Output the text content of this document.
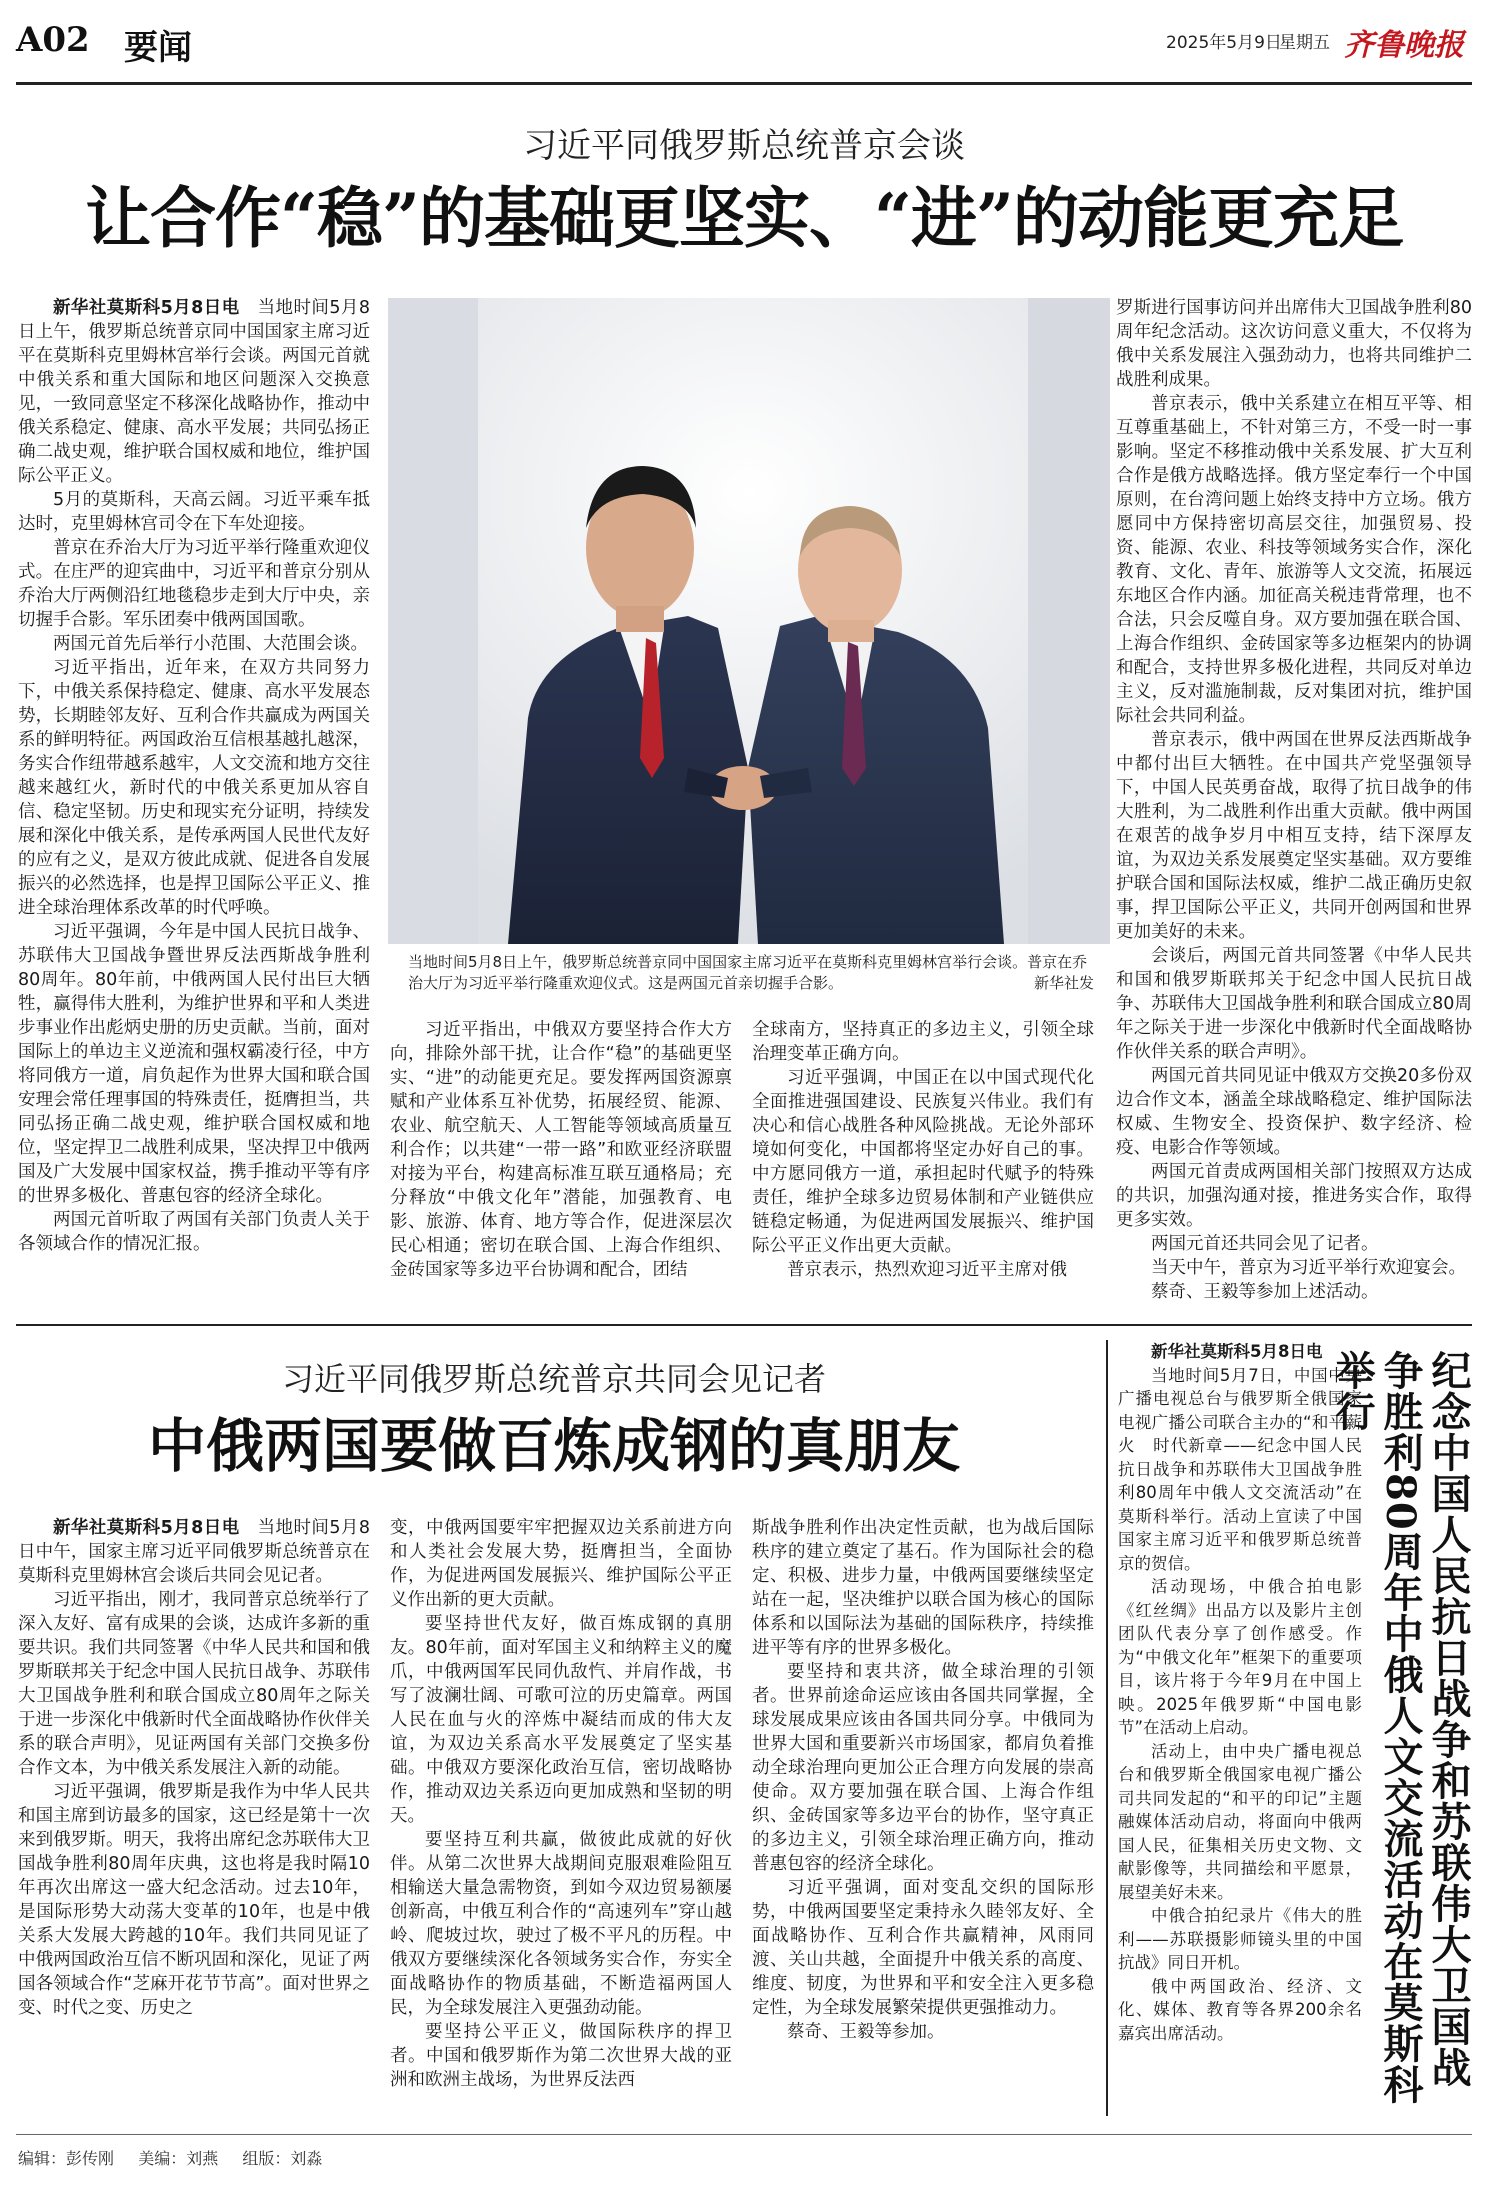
A02 要闻	2025年5月9日
星期五 齐鲁晚报
习近平同俄罗斯总统普京会谈
让合作“稳”的基础更坚实、“进”的动能更充足

新华社莫斯科5月8日电　当地时间5月8日上午，俄罗斯总统普京同中国国家主席习近平在莫斯科克里姆林宫举行会谈。两国元首就中俄关系和重大国际和地区问题深入交换意见，一致同意坚定不移深化战略协作，推动中俄关系稳定、健康、高水平发展；共同弘扬正确二战史观，维护联合国权威和地位，维护国际公平正义。

5月的莫斯科，天高云阔。习近平乘车抵达时，克里姆林宫司令在下车处迎接。

普京在乔治大厅为习近平举行隆重欢迎仪式。在庄严的迎宾曲中，习近平和普京分别从乔治大厅两侧沿红地毯稳步走到大厅中央，亲切握手合影。军乐团奏中俄两国国歌。

两国元首先后举行小范围、大范围会谈。

习近平指出，近年来，在双方共同努力下，中俄关系保持稳定、健康、高水平发展态势，长期睦邻友好、互利合作共赢成为两国关系的鲜明特征。两国政治互信根基越扎越深，务实合作纽带越系越牢，人文交流和地方交往越来越红火，新时代的中俄关系更加从容自信、稳定坚韧。历史和现实充分证明，持续发展和深化中俄关系，是传承两国人民世代友好的应有之义，是双方彼此成就、促进各自发展振兴的必然选择，也是捍卫国际公平正义、推进全球治理体系改革的时代呼唤。

习近平强调，今年是中国人民抗日战争、苏联伟大卫国战争暨世界反法西斯战争胜利80周年。80年前，中俄两国人民付出巨大牺牲，赢得伟大胜利，为维护世界和平和人类进步事业作出彪炳史册的历史贡献。当前，面对国际上的单边主义逆流和强权霸凌行径，中方将同俄方一道，肩负起作为世界大国和联合国安理会常任理事国的特殊责任，挺膺担当，共同弘扬正确二战史观，维护联合国权威和地位，坚定捍卫二战胜利成果，坚决捍卫中俄两国及广大发展中国家权益，携手推动平等有序的世界多极化、普惠包容的经济全球化。

两国元首听取了两国有关部门负责人关于各领域合作的情况汇报。

当地时间5月8日上午，俄罗斯总统普京同中国国家主席习近平在莫斯科克里姆林宫举行会谈。普京在乔治大厅为习近平举行隆重欢迎仪式。这是两国元首亲切握手合影。	新华社发

习近平指出，中俄双方要坚持合作大方向，排除外部干扰，让合作“稳”的基础更坚实、“进”的动能更充足。要发挥两国资源禀赋和产业体系互补优势，拓展经贸、能源、农业、航空航天、人工智能等领域高质量互利合作；以共建“一带一路”和欧亚经济联盟对接为平台，构建高标准互联互通格局；充分释放“中俄文化年”潜能，加强教育、电影、旅游、体育、地方等合作，促进深层次民心相通；密切在联合国、上海合作组织、金砖国家等多边平台协调和配合，团结

全球南方，坚持真正的多边主义，引领全球治理变革正确方向。

习近平强调，中国正在以中国式现代化全面推进强国建设、民族复兴伟业。我们有决心和信心战胜各种风险挑战。无论外部环境如何变化，中国都将坚定办好自己的事。中方愿同俄方一道，承担起时代赋予的特殊责任，维护全球多边贸易体制和产业链供应链稳定畅通，为促进两国发展振兴、维护国际公平正义作出更大贡献。

普京表示，热烈欢迎习近平主席对俄

罗斯进行国事访问并出席伟大卫国战争胜利80周年纪念活动。这次访问意义重大，不仅将为俄中关系发展注入强劲动力，也将共同维护二战胜利成果。

普京表示，俄中关系建立在相互平等、相互尊重基础上，不针对第三方，不受一时一事影响。坚定不移推动俄中关系发展、扩大互利合作是俄方战略选择。俄方坚定奉行一个中国原则，在台湾问题上始终支持中方立场。俄方愿同中方保持密切高层交往，加强贸易、投资、能源、农业、科技等领域务实合作，深化教育、文化、青年、旅游等人文交流，拓展远东地区合作内涵。加征高关税违背常理，也不合法，只会反噬自身。双方要加强在联合国、上海合作组织、金砖国家等多边框架内的协调和配合，支持世界多极化进程，共同反对单边主义，反对滥施制裁，反对集团对抗，维护国际社会共同利益。

普京表示，俄中两国在世界反法西斯战争中都付出巨大牺牲。在中国共产党坚强领导下，中国人民英勇奋战，取得了抗日战争的伟大胜利，为二战胜利作出重大贡献。俄中两国在艰苦的战争岁月中相互支持，结下深厚友谊，为双边关系发展奠定坚实基础。双方要维护联合国和国际法权威，维护二战正确历史叙事，捍卫国际公平正义，共同开创两国和世界更加美好的未来。

会谈后，两国元首共同签署《中华人民共和国和俄罗斯联邦关于纪念中国人民抗日战争、苏联伟大卫国战争胜利和联合国成立80周年之际关于进一步深化中俄新时代全面战略协作伙伴关系的联合声明》。

两国元首共同见证中俄双方交换20多份双边合作文本，涵盖全球战略稳定、维护国际法权威、生物安全、投资保护、数字经济、检疫、电影合作等领域。

两国元首责成两国相关部门按照双方达成的共识，加强沟通对接，推进务实合作，取得更多实效。

两国元首还共同会见了记者。

当天中午，普京为习近平举行欢迎宴会。

蔡奇、王毅等参加上述活动。

习近平同俄罗斯总统普京共同会见记者
中俄两国要做百炼成钢的真朋友

新华社莫斯科5月8日电　当地时间5月8日中午，国家主席习近平同俄罗斯总统普京在莫斯科克里姆林宫会谈后共同会见记者。

习近平指出，刚才，我同普京总统举行了深入友好、富有成果的会谈，达成许多新的重要共识。我们共同签署《中华人民共和国和俄罗斯联邦关于纪念中国人民抗日战争、苏联伟大卫国战争胜利和联合国成立80周年之际关于进一步深化中俄新时代全面战略协作伙伴关系的联合声明》，见证两国有关部门交换多份合作文本，为中俄关系发展注入新的动能。

习近平强调，俄罗斯是我作为中华人民共和国主席到访最多的国家，这已经是第十一次来到俄罗斯。明天，我将出席纪念苏联伟大卫国战争胜利80周年庆典，这也将是我时隔10年再次出席这一盛大纪念活动。过去10年，是国际形势大动荡大变革的10年，也是中俄关系大发展大跨越的10年。我们共同见证了中俄两国政治互信不断巩固和深化，见证了两国各领域合作“芝麻开花节节高”。面对世界之变、时代之变、历史之

变，中俄两国要牢牢把握双边关系前进方向和人类社会发展大势，挺膺担当，全面协作，为促进两国发展振兴、维护国际公平正义作出新的更大贡献。

要坚持世代友好，做百炼成钢的真朋友。80年前，面对军国主义和纳粹主义的魔爪，中俄两国军民同仇敌忾、并肩作战，书写了波澜壮阔、可歌可泣的历史篇章。两国人民在血与火的淬炼中凝结而成的伟大友谊，为双边关系高水平发展奠定了坚实基础。中俄双方要深化政治互信，密切战略协作，推动双边关系迈向更加成熟和坚韧的明天。

要坚持互利共赢，做彼此成就的好伙伴。从第二次世界大战期间克服艰难险阻互相输送大量急需物资，到如今双边贸易额屡创新高，中俄互利合作的“高速列车”穿山越岭、爬坡过坎，驶过了极不平凡的历程。中俄双方要继续深化各领域务实合作，夯实全面战略协作的物质基础，不断造福两国人民，为全球发展注入更强劲动能。

要坚持公平正义，做国际秩序的捍卫者。中国和俄罗斯作为第二次世界大战的亚洲和欧洲主战场，为世界反法西

斯战争胜利作出决定性贡献，也为战后国际秩序的建立奠定了基石。作为国际社会的稳定、积极、进步力量，中俄两国要继续坚定站在一起，坚决维护以联合国为核心的国际体系和以国际法为基础的国际秩序，持续推进平等有序的世界多极化。

要坚持和衷共济，做全球治理的引领者。世界前途命运应该由各国共同掌握，全球发展成果应该由各国共同分享。中俄同为世界大国和重要新兴市场国家，都肩负着推动全球治理向更加公正合理方向发展的崇高使命。双方要加强在联合国、上海合作组织、金砖国家等多边平台的协作，坚守真正的多边主义，引领全球治理正确方向，推动普惠包容的经济全球化。

习近平强调，面对变乱交织的国际形势，中俄两国要坚定秉持永久睦邻友好、全面战略协作、互利合作共赢精神，风雨同渡、关山共越，全面提升中俄关系的高度、维度、韧度，为世界和平和安全注入更多稳定性，为全球发展繁荣提供更强推动力。

蔡奇、王毅等参加。

新华社莫斯科5月8日电

当地时间5月7日，中国中央广播电视总台与俄罗斯全俄国家电视广播公司联合主办的“和平薪火　时代新章——纪念中国人民抗日战争和苏联伟大卫国战争胜利80周年中俄人文交流活动”在莫斯科举行。活动上宣读了中国国家主席习近平和俄罗斯总统普京的贺信。

活动现场，中俄合拍电影《红丝绸》出品方以及影片主创团队代表分享了创作感受。作为“中俄文化年”框架下的重要项目，该片将于今年9月在中国上映。2025年俄罗斯“中国电影节”在活动上启动。

活动上，由中央广播电视总台和俄罗斯全俄国家电视广播公司共同发起的“和平的印记”主题融媒体活动启动，将面向中俄两国人民，征集相关历史文物、文献影像等，共同描绘和平愿景，展望美好未来。

中俄合拍纪录片《伟大的胜利——苏联摄影师镜头里的中国抗战》同日开机。

俄中两国政治、经济、文化、媒体、教育等各界200余名嘉宾出席活动。	纪念中国人民抗日战争和苏联伟大卫国战争胜利80周年中俄人文交流活动在莫斯科举行
编辑：彭传刚 美编：刘燕 组版：刘淼
